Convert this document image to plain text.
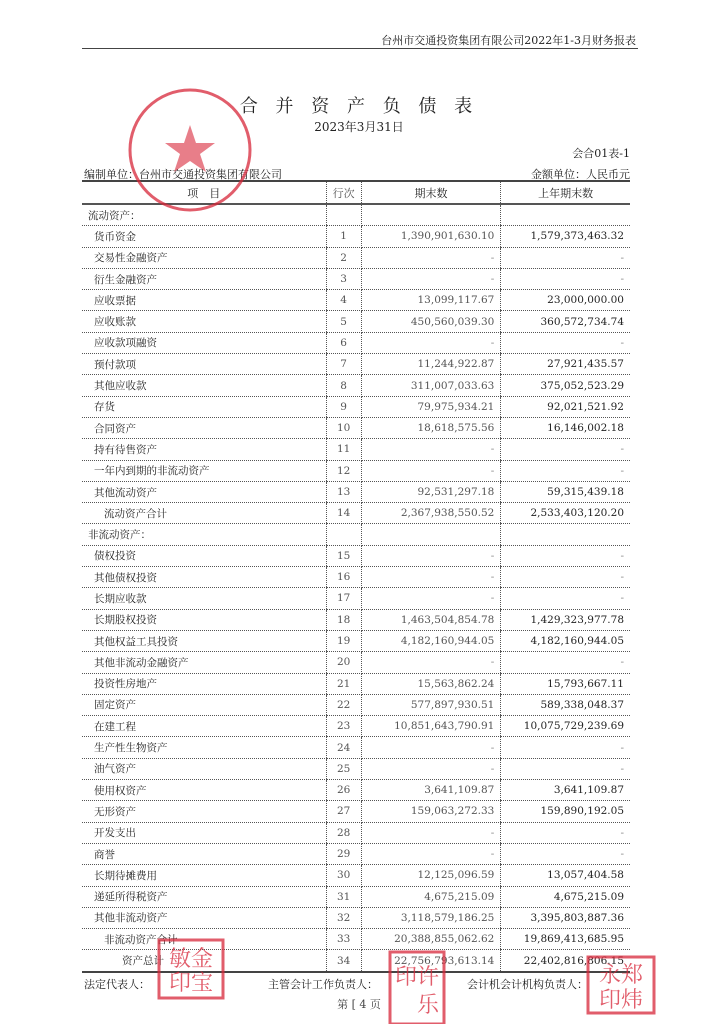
台州市交通投资集团有限公司2022年1-3月财务报表
合 并 资 产 负 债 表
2023年3月31日
会合01表-1
编制单位：台州市交通投资集团有限公司	金额单位：人民币元
项　目	行次	期末数	上年期末数
流动资产：			
货币资金	1	1,390,901,630.10	1,579,373,463.32
交易性金融资产	2	-	-
衍生金融资产	3	-	-
应收票据	4	13,099,117.67	23,000,000.00
应收账款	5	450,560,039.30	360,572,734.74
应收款项融资	6	-	-
预付款项	7	11,244,922.87	27,921,435.57
其他应收款	8	311,007,033.63	375,052,523.29
存货	9	79,975,934.21	92,021,521.92
合同资产	10	18,618,575.56	16,146,002.18
持有待售资产	11	-	-
一年内到期的非流动资产	12	-	-
其他流动资产	13	92,531,297.18	59,315,439.18
流动资产合计	14	2,367,938,550.52	2,533,403,120.20
非流动资产：			
债权投资	15	-	-
其他债权投资	16	-	-
长期应收款	17	-	-
长期股权投资	18	1,463,504,854.78	1,429,323,977.78
其他权益工具投资	19	4,182,160,944.05	4,182,160,944.05
其他非流动金融资产	20	-	-
投资性房地产	21	15,563,862.24	15,793,667.11
固定资产	22	577,897,930.51	589,338,048.37
在建工程	23	10,851,643,790.91	10,075,729,239.69
生产性生物资产	24	-	-
油气资产	25	-	-
使用权资产	26	3,641,109.87	3,641,109.87
无形资产	27	159,063,272.33	159,890,192.05
开发支出	28	-	-
商誉	29	-	-
长期待摊费用	30	12,125,096.59	13,057,404.58
递延所得税资产	31	4,675,215.09	4,675,215.09
其他非流动资产	32	3,118,579,186.25	3,395,803,887.36
非流动资产合计	33	20,388,855,062.62	19,869,413,685.95
资产总计	34	22,756,793,613.14	22,402,816,806.15
法定代表人：	主管会计工作负责人：	会计机会计机构负责人：
第 [ 4 页
敏金
印宝	印许
乐
永郑
印炜
